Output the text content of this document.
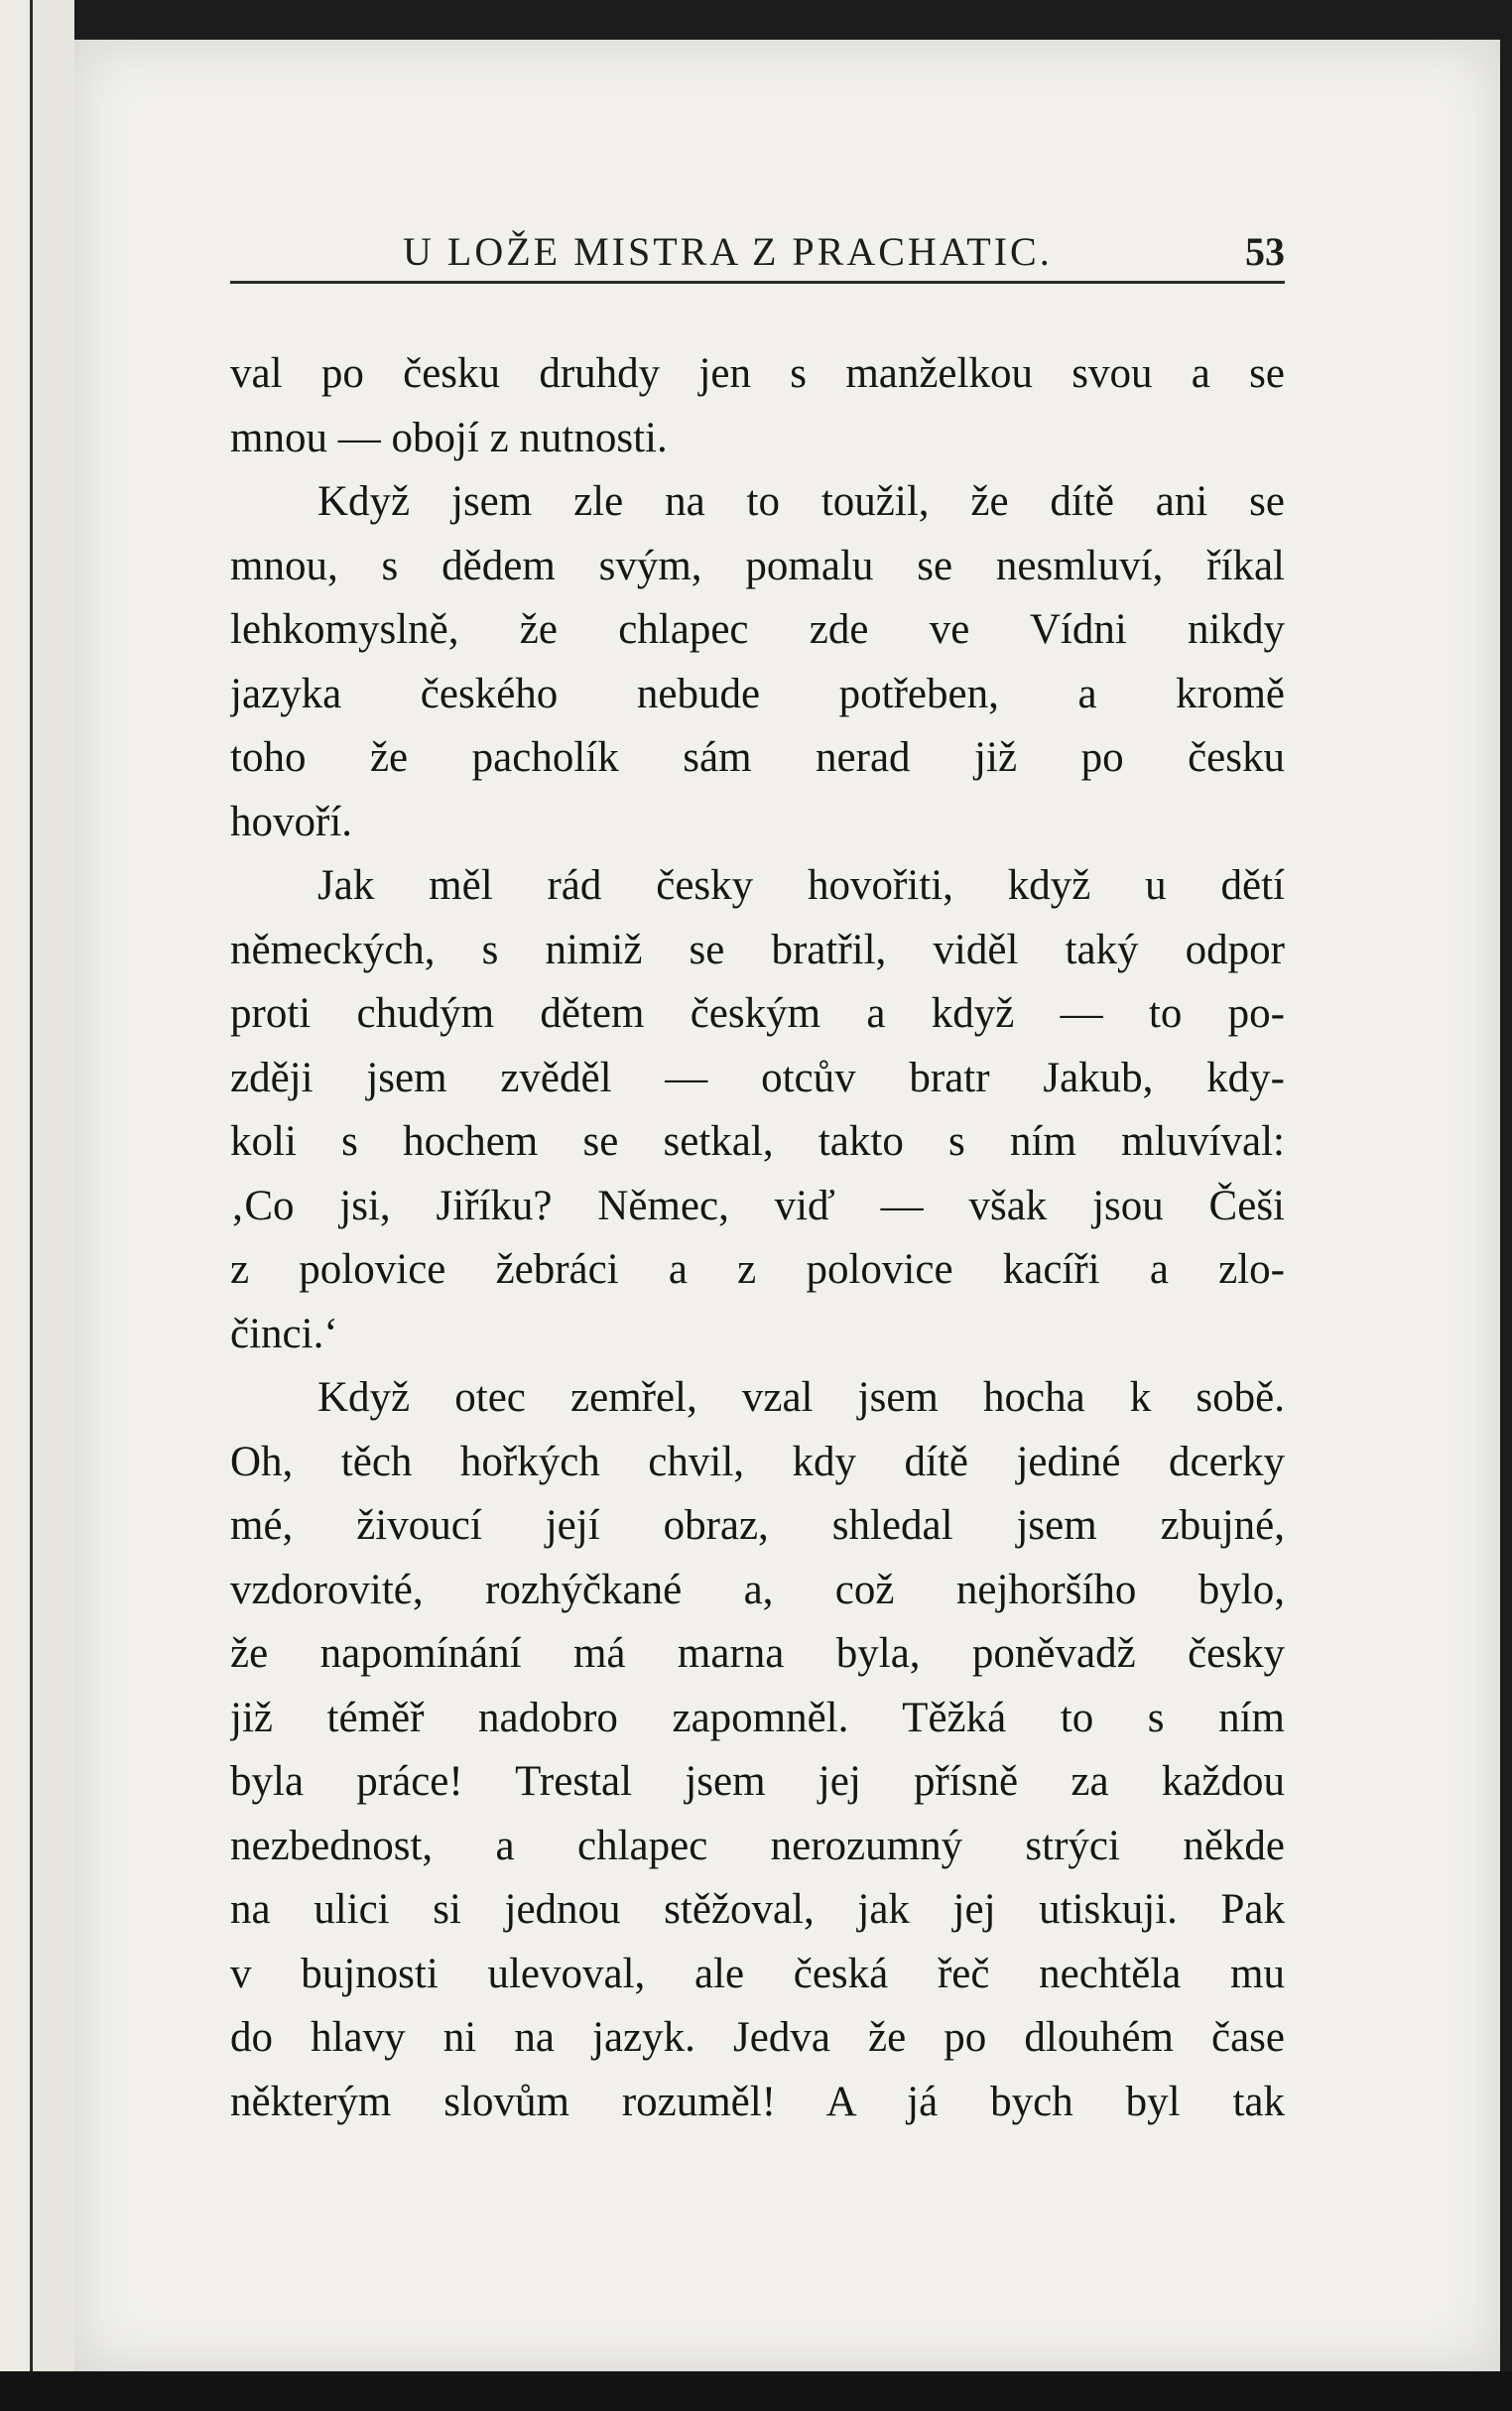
U LOŽE MISTRA Z PRACHATIC.	53
val po česku druhdy jen s manželkou svou a se
mnou — obojí z nutnosti.
Když jsem zle na to toužil, že dítě ani se
mnou, s dědem svým, pomalu se nesmluví, říkal
lehkomyslně, že chlapec zde ve Vídni nikdy
jazyka českého nebude potřeben, a kromě
toho že pacholík sám nerad již po česku
hovoří.
Jak měl rád česky hovořiti, když u dětí
německých, s nimiž se bratřil, viděl taký odpor
proti chudým dětem českým a když — to po-
zději jsem zvěděl — otcův bratr Jakub, kdy-
koli s hochem se setkal, takto s ním mluvíval:
‚Co jsi, Jiříku? Němec, viď — však jsou Češi
z polovice žebráci a z polovice kacíři a zlo-
činci.‘
Když otec zemřel, vzal jsem hocha k sobě.
Oh, těch hořkých chvil, kdy dítě jediné dcerky
mé, živoucí její obraz, shledal jsem zbujné,
vzdorovité, rozhýčkané a, což nejhoršího bylo,
že napomínání má marna byla, poněvadž česky
již téměř nadobro zapomněl. Těžká to s ním
byla práce! Trestal jsem jej přísně za každou
nezbednost, a chlapec nerozumný strýci někde
na ulici si jednou stěžoval, jak jej utiskuji. Pak
v bujnosti ulevoval, ale česká řeč nechtěla mu
do hlavy ni na jazyk. Jedva že po dlouhém čase
některým slovům rozuměl! A já bych byl tak
